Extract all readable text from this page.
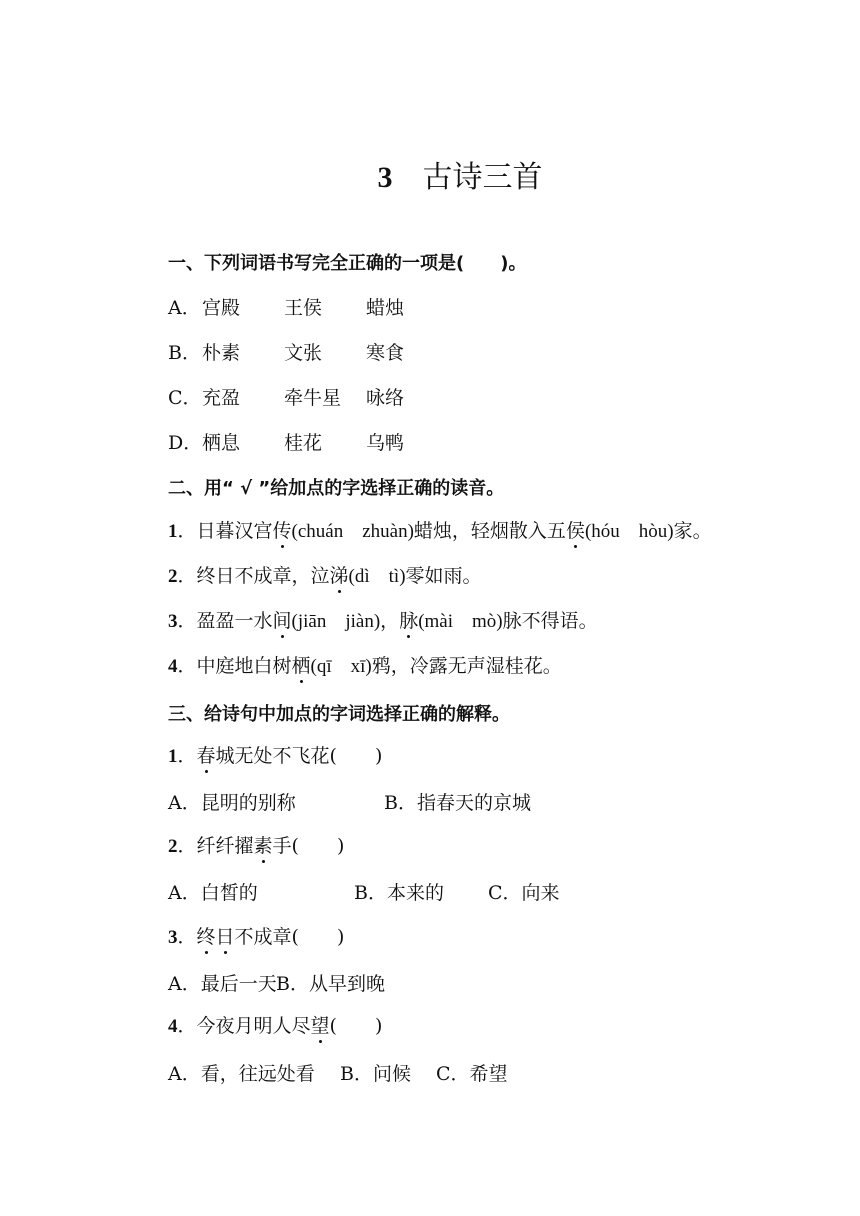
3 古诗三首
一、下列词语书写完全正确的一项是(　　)。
A．宫殿 王侯 蜡烛
B．朴素 文张 寒食
C．充盈 牵牛星 咏络
D．栖息 桂花 乌鸭
二、用“ √ ”给加点的字选择正确的读音。
1．日暮汉宫传(chuán　zhuàn)蜡烛，轻烟散入五侯(hóu　hòu)家。
2．终日不成章，泣涕(dì　tì)零如雨。
3．盈盈一水间(jiān　jiàn)，脉(mài　mò)脉不得语。
4．中庭地白树栖(qī　xī)鸦，冷露无声湿桂花。
三、给诗句中加点的字词选择正确的解释。
1．春城无处不飞花(　　)
A．昆明的别称	B．指春天的京城
2．纤纤擢素手(　　)
A．白皙的	B．本来的 C．向来
3．终日不成章(　　)
A．最后一天B．从早到晚
4．今夜月明人尽望(　　)
A．看，往远处看 B．问候 C．希望
